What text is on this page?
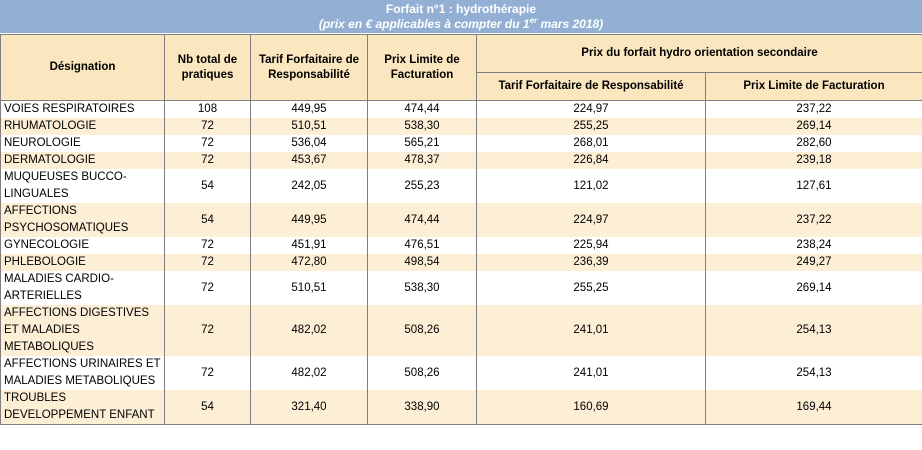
Forfait n°1 : hydrothérapie
(prix en € applicables à compter du 1er mars 2018)
Désignation	Nb total de pratiques	Tarif Forfaitaire de Responsabilité	Prix Limite de Facturation	Prix du forfait hydro orientation secondaire	
				Tarif Forfaitaire de Responsabilité	Prix Limite de Facturation
VOIES RESPIRATOIRES	108	449,95	474,44	224,97	237,22
RHUMATOLOGIE	72	510,51	538,30	255,25	269,14
NEUROLOGIE	72	536,04	565,21	268,01	282,60
DERMATOLOGIE	72	453,67	478,37	226,84	239,18
MUQUEUSES BUCCO-LINGUALES	54	242,05	255,23	121,02	127,61
AFFECTIONS PSYCHOSOMATIQUES	54	449,95	474,44	224,97	237,22
GYNECOLOGIE	72	451,91	476,51	225,94	238,24
PHLEBOLOGIE	72	472,80	498,54	236,39	249,27
MALADIES CARDIO-ARTERIELLES	72	510,51	538,30	255,25	269,14
AFFECTIONS DIGESTIVES ET MALADIES METABOLIQUES	72	482,02	508,26	241,01	254,13
AFFECTIONS URINAIRES ET MALADIES METABOLIQUES	72	482,02	508,26	241,01	254,13
TROUBLES DEVELOPPEMENT ENFANT	54	321,40	338,90	160,69	169,44
